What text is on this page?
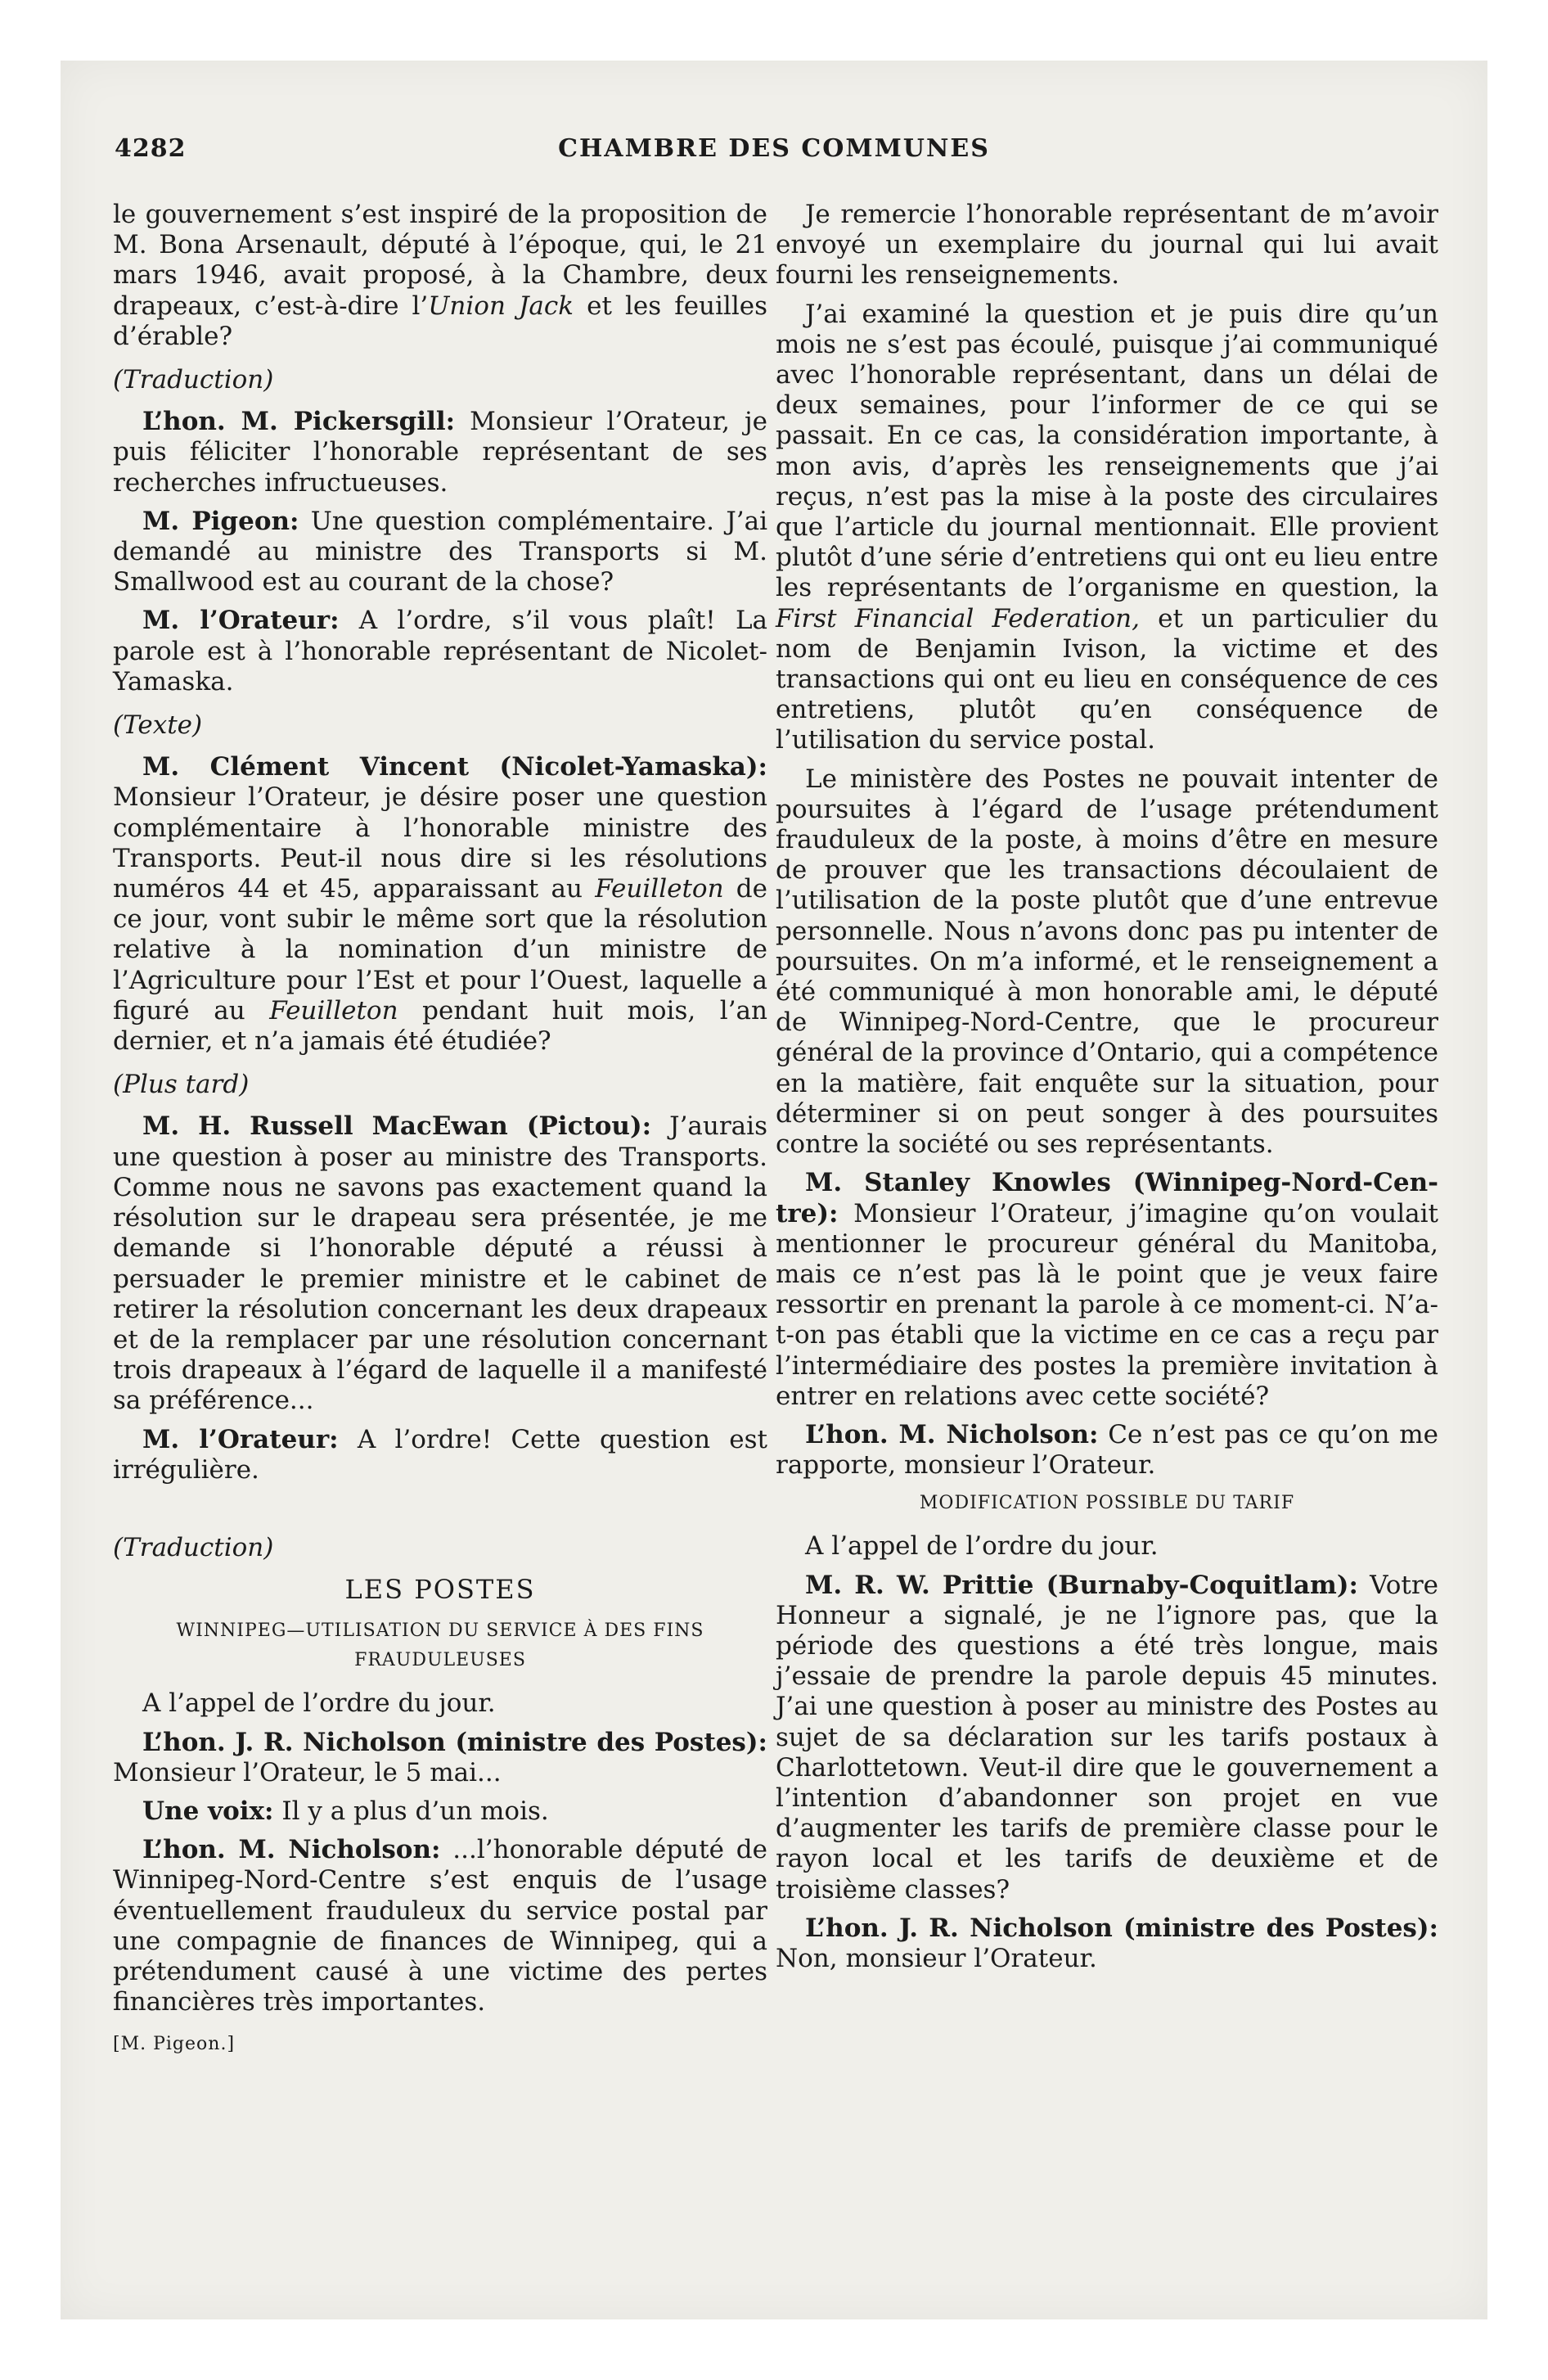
4282	CHAMBRE DES COMMUNES

le gouvernement s’est inspiré de la proposition de M. Bona Arsenault, député à l’époque, qui, le 21 mars 1946, avait proposé, à la Chambre, deux drapeaux, c’est-à-dire l’Union Jack et les feuilles d’érable?

(Traduction)

L’hon. M. Pickersgill: Monsieur l’Orateur, je puis féliciter l’honorable représentant de ses recherches infructueuses.

M. Pigeon: Une question complémentaire. J’ai demandé au ministre des Transports si M. Smallwood est au courant de la chose?

M. l’Orateur: A l’ordre, s’il vous plaît! La parole est à l’honorable représentant de Nicolet-Yamaska.

(Texte)

M. Clément Vincent (Nicolet-Yamaska): Monsieur l’Orateur, je désire poser une question complémentaire à l’honorable ministre des Transports. Peut-il nous dire si les résolutions numéros 44 et 45, apparaissant au Feuilleton de ce jour, vont subir le même sort que la résolution relative à la nomination d’un ministre de l’Agriculture pour l’Est et pour l’Ouest, laquelle a figuré au Feuilleton pendant huit mois, l’an dernier, et n’a jamais été étudiée?

(Plus tard)

M. H. Russell MacEwan (Pictou): J’aurais une question à poser au ministre des Transports. Comme nous ne savons pas exactement quand la résolution sur le drapeau sera présentée, je me demande si l’honorable député a réussi à persuader le premier ministre et le cabinet de retirer la résolution concernant les deux drapeaux et de la remplacer par une résolution concernant trois drapeaux à l’égard de laquelle il a manifesté sa préférence...

M. l’Orateur: A l’ordre! Cette question est irrégulière.

(Traduction)

LES POSTES

WINNIPEG—UTILISATION DU SERVICE À DES FINS FRAUDULEUSES

A l’appel de l’ordre du jour.

L’hon. J. R. Nicholson (ministre des Postes): Monsieur l’Orateur, le 5 mai...

Une voix: Il y a plus d’un mois.

L’hon. M. Nicholson: ...l’honorable député de Winnipeg-Nord-Centre s’est enquis de l’usage éventuellement frauduleux du service postal par une compagnie de finances de Winnipeg, qui a prétendument causé à une victime des pertes financières très importantes.

[M. Pigeon.]

Je remercie l’honorable représentant de m’avoir envoyé un exemplaire du journal qui lui avait fourni les renseignements.

J’ai examiné la question et je puis dire qu’un mois ne s’est pas écoulé, puisque j’ai communiqué avec l’honorable représentant, dans un délai de deux semaines, pour l’informer de ce qui se passait. En ce cas, la considération importante, à mon avis, d’après les renseignements que j’ai reçus, n’est pas la mise à la poste des circulaires que l’article du journal mentionnait. Elle provient plutôt d’une série d’entretiens qui ont eu lieu entre les représentants de l’organisme en question, la First Financial Federation, et un particulier du nom de Benjamin Ivison, la victime et des transactions qui ont eu lieu en conséquence de ces entretiens, plutôt qu’en conséquence de l’utilisation du service postal.

Le ministère des Postes ne pouvait intenter de poursuites à l’égard de l’usage prétendument frauduleux de la poste, à moins d’être en mesure de prouver que les transactions découlaient de l’utilisation de la poste plutôt que d’une entrevue personnelle. Nous n’avons donc pas pu intenter de poursuites. On m’a informé, et le renseignement a été communiqué à mon honorable ami, le député de Winnipeg-Nord-Centre, que le procureur général de la province d’Ontario, qui a compétence en la matière, fait enquête sur la situation, pour déterminer si on peut songer à des poursuites contre la société ou ses représentants.

M. Stanley Knowles (Winnipeg-Nord-Centre): Monsieur l’Orateur, j’imagine qu’on voulait mentionner le procureur général du Manitoba, mais ce n’est pas là le point que je veux faire ressortir en prenant la parole à ce moment-ci. N’a-t-on pas établi que la victime en ce cas a reçu par l’intermédiaire des postes la première invitation à entrer en relations avec cette société?

L’hon. M. Nicholson: Ce n’est pas ce qu’on me rapporte, monsieur l’Orateur.

MODIFICATION POSSIBLE DU TARIF

A l’appel de l’ordre du jour.

M. R. W. Prittie (Burnaby-Coquitlam): Votre Honneur a signalé, je ne l’ignore pas, que la période des questions a été très longue, mais j’essaie de prendre la parole depuis 45 minutes. J’ai une question à poser au ministre des Postes au sujet de sa déclaration sur les tarifs postaux à Charlottetown. Veut-il dire que le gouvernement a l’intention d’abandonner son projet en vue d’augmenter les tarifs de première classe pour le rayon local et les tarifs de deuxième et de troisième classes?

L’hon. J. R. Nicholson (ministre des Postes): Non, monsieur l’Orateur.
